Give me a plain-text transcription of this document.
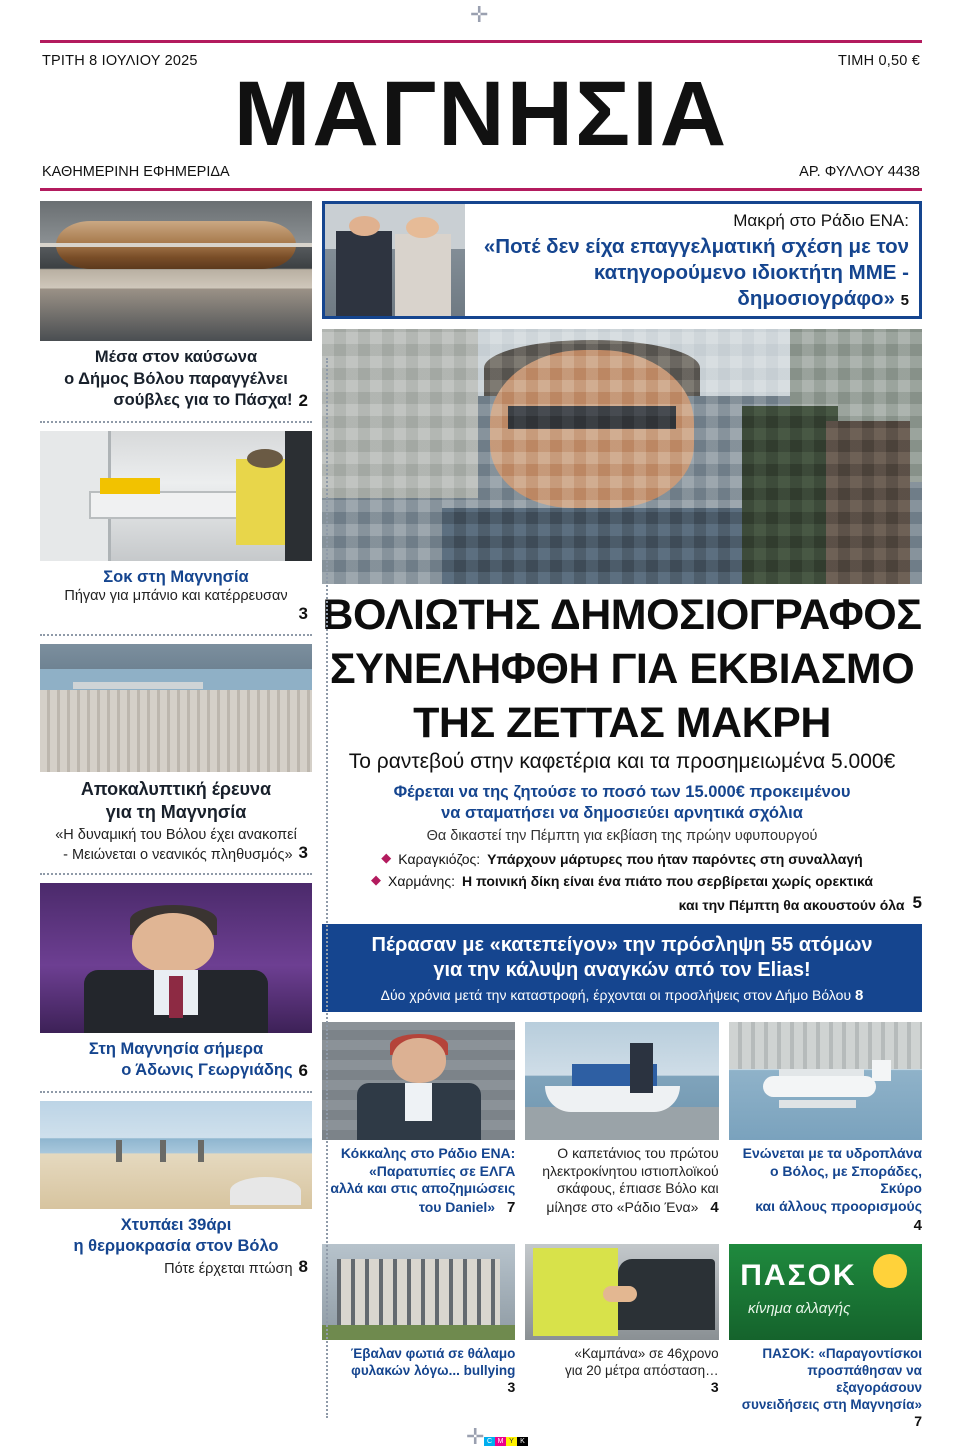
✛
✛ C M Y K
ΤΡΙΤΗ 8 ΙΟΥΛΙΟΥ 2025	ΤΙΜΗ 0,50 €
ΜΑΓΝΗΣΙΑ
ΚΑΘΗΜΕΡΙΝΗ ΕΦΗΜΕΡΙΔΑ	ΑΡ. ΦΥΛΛΟΥ 4438
Μέσα στον καύσωνα
ο Δήμος Βόλου παραγγέλνει
σούβλες για το Πάσχα! 2
Σοκ στη Μαγνησία
Πήγαν για μπάνιο και κατέρρευσαν
3
Αποκαλυπτική έρευνα
για τη Μαγνησία
«Η δυναμική του Βόλου έχει ανακοπεί
- Μειώνεται ο νεανικός πληθυσμός» 3
Στη Μαγνησία σήμερα
ο Άδωνις Γεωργιάδης 6
Χτυπάει 39άρι
η θερμοκρασία στον Βόλο
Πότε έρχεται πτώση 8
Μακρή στο Ράδιο ΕΝΑ:
«Ποτέ δεν είχα επαγγελματική σχέση με τον
κατηγορούμενο ιδιοκτήτη ΜΜΕ - δημοσιογράφο» 5
ΒΟΛΙΩΤΗΣ ΔΗΜΟΣΙΟΓΡΑΦΟΣ
ΣΥΝΕΛΗΦΘΗ ΓΙΑ ΕΚΒΙΑΣΜΟ
ΤΗΣ ΖΕΤΤΑΣ ΜΑΚΡΗ
Το ραντεβού στην καφετέρια και τα προσημειωμένα 5.000€
Φέρεται να της ζητούσε το ποσό των 15.000€ προκειμένου
να σταματήσει να δημοσιεύει αρνητικά σχόλια
Θα δικαστεί την Πέμπτη για εκβίαση της πρώην υφυπουργού
◆ Καραγκιόζος: Υπάρχουν μάρτυρες που ήταν παρόντες στη συναλλαγή
◆ Χαρμάνης: Η ποινική δίκη είναι ένα πιάτο που σερβίρεται χωρίς ορεκτικά
και την Πέμπτη θα ακουστούν όλα 5
Πέρασαν με «κατεπείγον» την πρόσληψη 55 ατόμων
για την κάλυψη αναγκών από τον Elias!
Δύο χρόνια μετά την καταστροφή, έρχονται οι προσλήψεις στον Δήμο Βόλου 8
Κόκκαλης στο Ράδιο ΕΝΑ:
«Παρατυπίες σε ΕΛΓΑ
αλλά και στις αποζημιώσεις
του Daniel» 7
Ο καπετάνιος του πρώτου
ηλεκτροκίνητου ιστιοπλοϊκού
σκάφους, έπιασε Βόλο και
μίλησε στο «Ράδιο Ένα» 4
Ενώνεται με τα υδροπλάνα
ο Βόλος, με Σποράδες, Σκύρο
και άλλους προορισμούς
4
Έβαλαν φωτιά σε θάλαμο
φυλακών λόγω... bullying
3
«Καμπάνα» σε 46χρονο
για 20 μέτρα απόσταση…
3
ΠΑΣΟΚ
κίνημα αλλαγής
ΠΑΣΟΚ: «Παραγοντίσκοι
προσπάθησαν να εξαγοράσουν
συνειδήσεις στη Μαγνησία» 7
